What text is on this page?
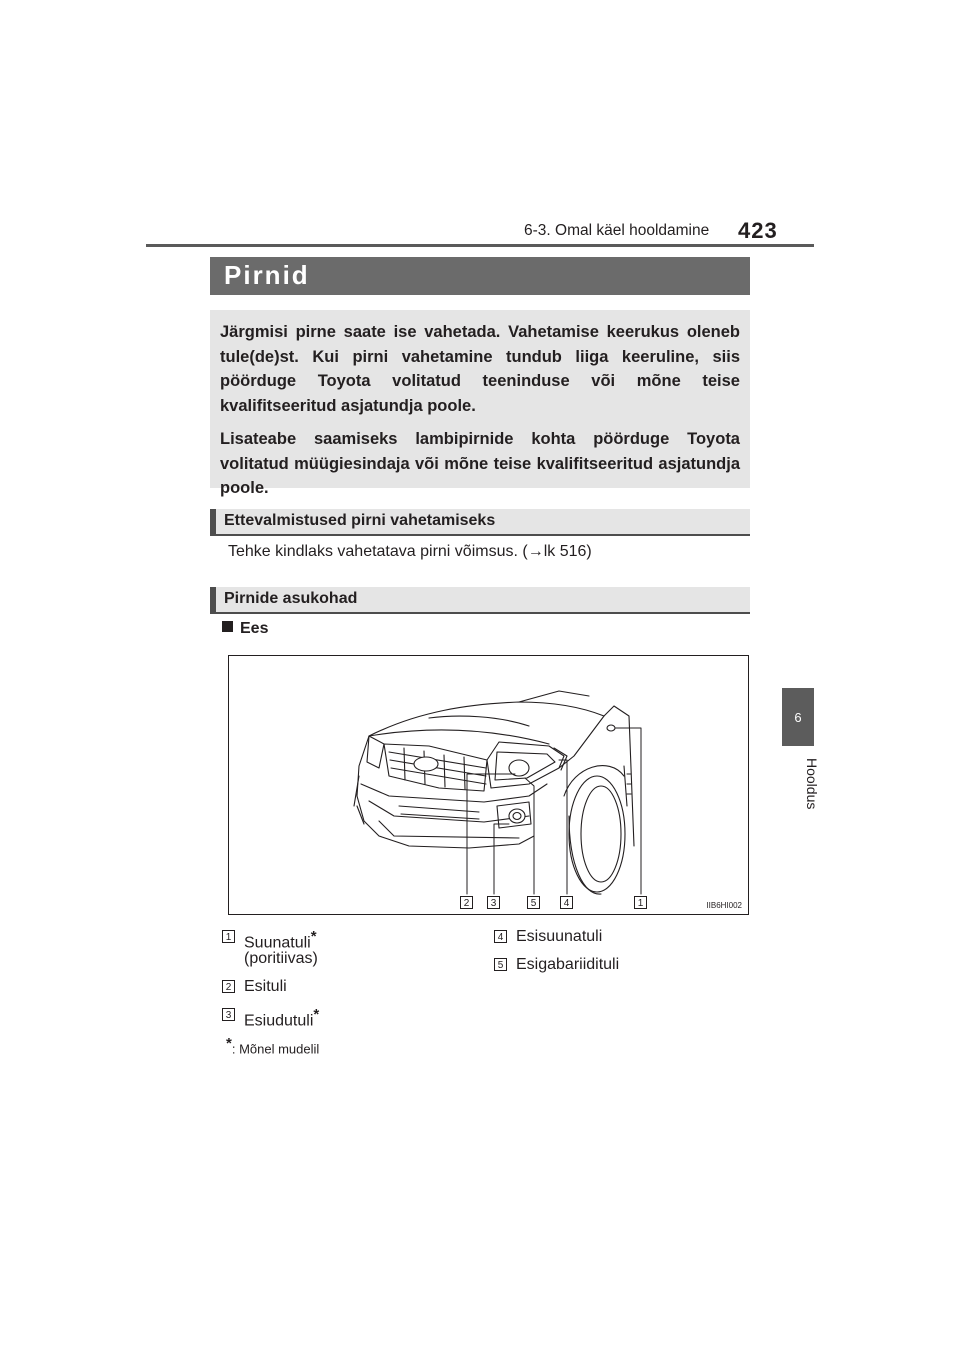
6-3. Omal käel hooldamine 423
6
Hooldus
Pirnid

Järgmisi pirne saate ise vahetada. Vahetamise keerukus oleneb tule(de)st. Kui pirni vahetamine tundub liiga keeruline, siis pöörduge Toyota volitatud teeninduse või mõne teise kvalifitseeritud asjatundja poole.

Lisateabe saamiseks lambipirnide kohta pöörduge Toyota volitatud müügiesindaja või mõne teise kvalifitseeritud asjatundja poole.

Ettevalmistused pirni vahetamiseks
Tehke kindlaks vahetatava pirni võimsus. (→lk 516)
Pirnide asukohad
Ees
2	3	5	4	1	IIB6HI002
1 Suunatuli*
(poritiivas)
2 Esituli
3 Esiudutuli*
4 Esisuunatuli
5 Esigabariidituli
*: Mõnel mudelil
